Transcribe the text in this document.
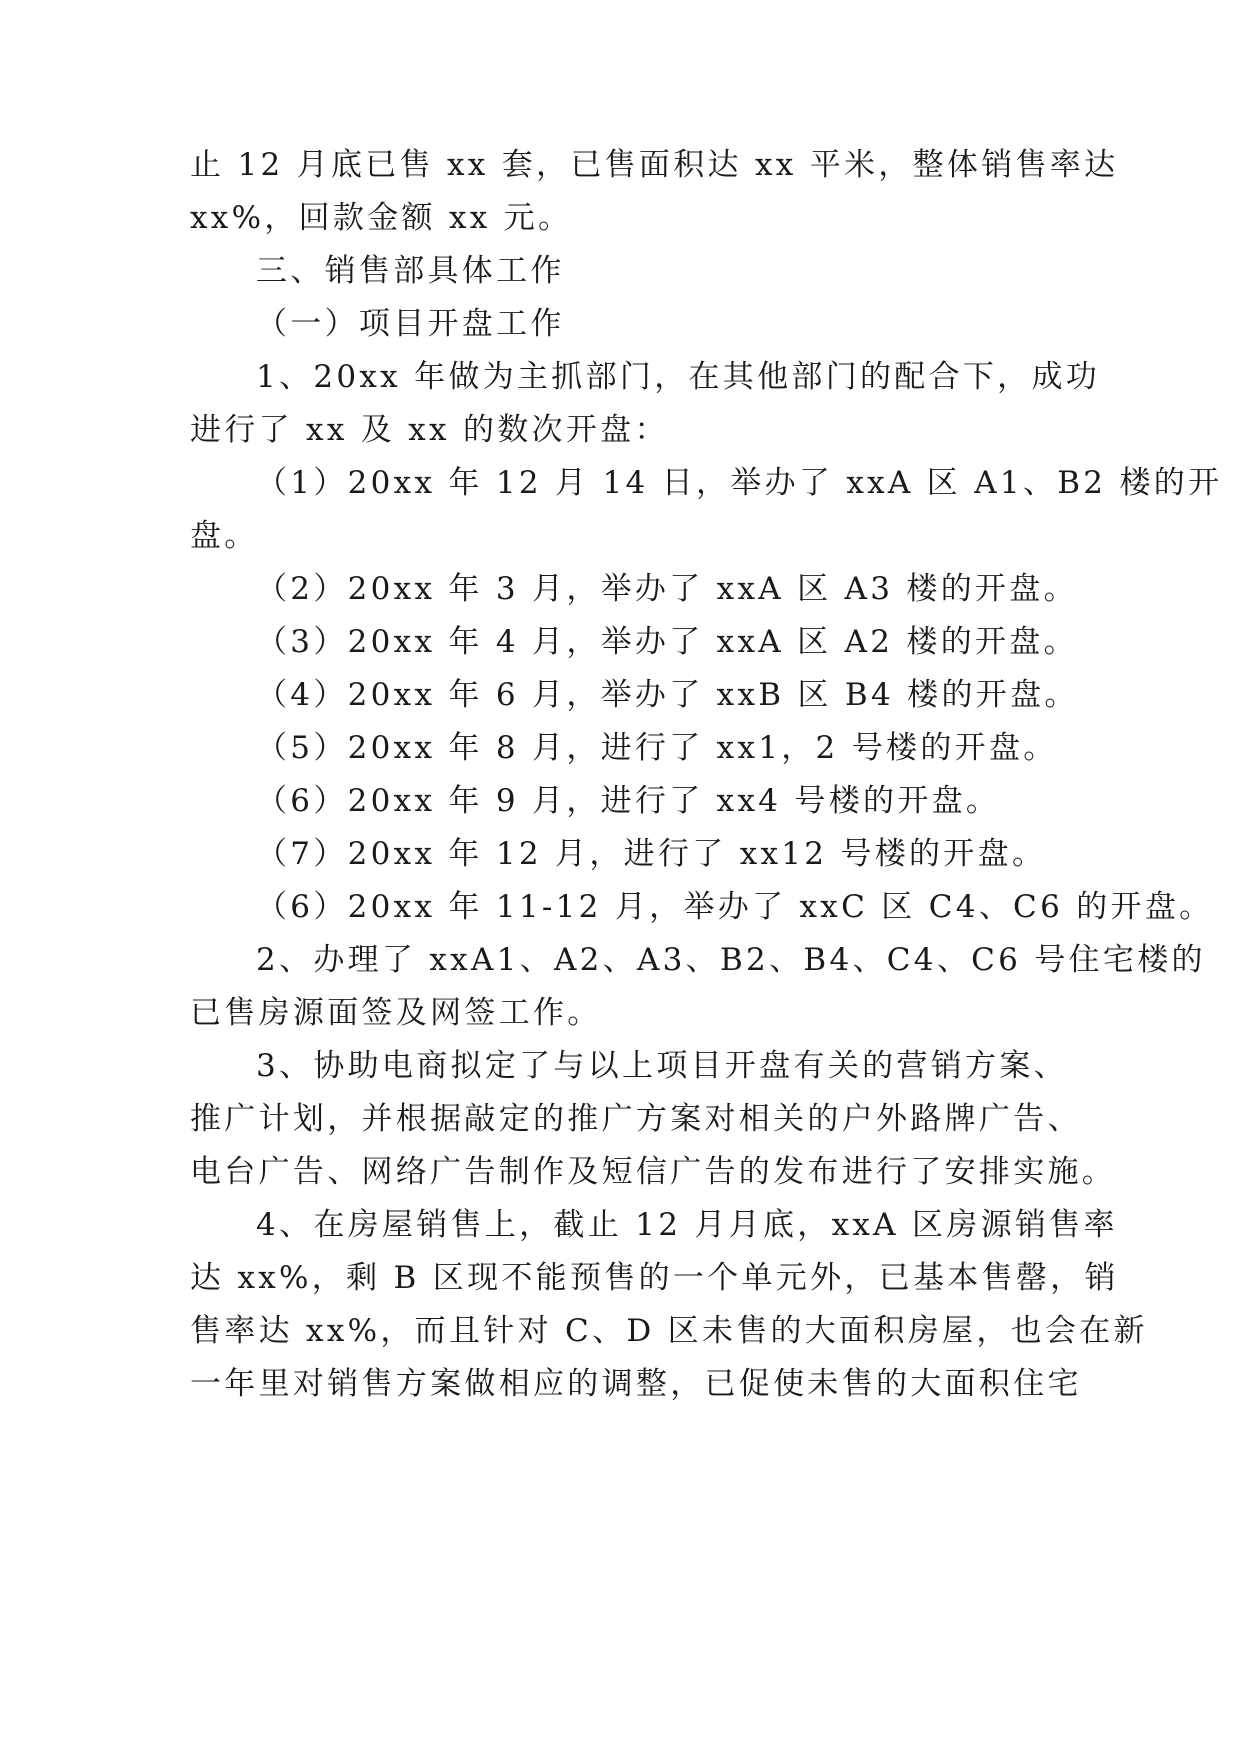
止 12 月底已售 xx 套，已售面积达 xx 平米，整体销售率达
xx%，回款金额 xx 元。
三、销售部具体工作
（一）项目开盘工作
1、20xx 年做为主抓部门，在其他部门的配合下，成功
进行了 xx 及 xx 的数次开盘：
（1）20xx 年 12 月 14 日，举办了 xxA 区 A1、B2 楼的开
盘。
（2）20xx 年 3 月，举办了 xxA 区 A3 楼的开盘。
（3）20xx 年 4 月，举办了 xxA 区 A2 楼的开盘。
（4）20xx 年 6 月，举办了 xxB 区 B4 楼的开盘。
（5）20xx 年 8 月，进行了 xx1，2 号楼的开盘。
（6）20xx 年 9 月，进行了 xx4 号楼的开盘。
（7）20xx 年 12 月，进行了 xx12 号楼的开盘。
（6）20xx 年 11-12 月，举办了 xxC 区 C4、C6 的开盘。
2、办理了 xxA1、A2、A3、B2、B4、C4、C6 号住宅楼的
已售房源面签及网签工作。
3、协助电商拟定了与以上项目开盘有关的营销方案、
推广计划，并根据敲定的推广方案对相关的户外路牌广告、
电台广告、网络广告制作及短信广告的发布进行了安排实施。
4、在房屋销售上，截止 12 月月底，xxA 区房源销售率
达 xx%，剩 B 区现不能预售的一个单元外，已基本售罄，销
售率达 xx%，而且针对 C、D 区未售的大面积房屋，也会在新
一年里对销售方案做相应的调整，已促使未售的大面积住宅
